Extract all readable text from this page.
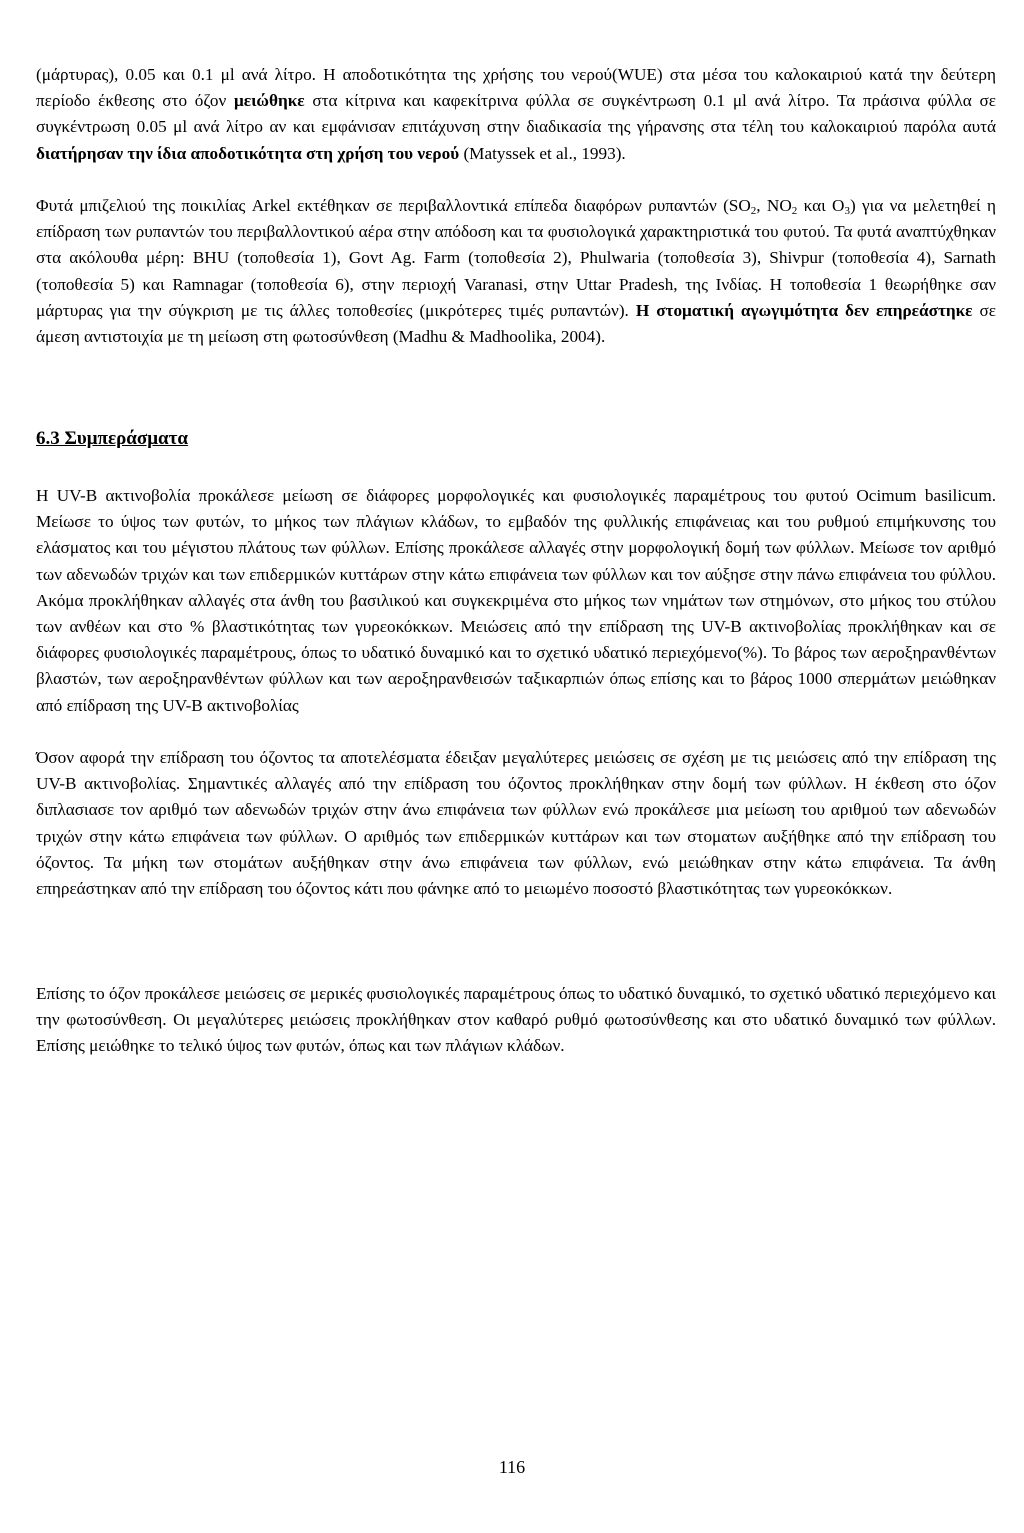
(μάρτυρας), 0.05 και 0.1 μl ανά λίτρο. Η αποδοτικότητα της χρήσης του νερού(WUE) στα μέσα του καλοκαιριού κατά την δεύτερη περίοδο έκθεσης στο όζον μειώθηκε στα κίτρινα και καφεκίτρινα φύλλα σε συγκέντρωση 0.1 μl ανά λίτρο. Τα πράσινα φύλλα σε συγκέντρωση 0.05 μl ανά λίτρο αν και εμφάνισαν επιτάχυνση στην διαδικασία της γήρανσης στα τέλη του καλοκαιριού παρόλα αυτά διατήρησαν την ίδια αποδοτικότητα στη χρήση του νερού (Matyssek et al., 1993).

Φυτά μπιζελιού της ποικιλίας Arkel εκτέθηκαν σε περιβαλλοντικά επίπεδα διαφόρων ρυπαντών ($SO_2$, $NO_2$ και $O_3$) για να μελετηθεί η επίδραση των ρυπαντών του περιβαλλοντικού αέρα στην απόδοση και τα φυσιολογικά χαρακτηριστικά του φυτού. Τα φυτά αναπτύχθηκαν στα ακόλουθα μέρη: BHU (τοποθεσία 1), Govt Ag. Farm (τοποθεσία 2), Phulwaria (τοποθεσία 3), Shivpur (τοποθεσία 4), Sarnath (τοποθεσία 5) και Ramnagar (τοποθεσία 6), στην περιοχή Varanasi, στην Uttar Pradesh, της Ινδίας. Η τοποθεσία 1 θεωρήθηκε σαν μάρτυρας για την σύγκριση με τις άλλες τοποθεσίες (μικρότερες τιμές ρυπαντών). Η στοματική αγωγιμότητα δεν επηρεάστηκε σε άμεση αντιστοιχία με τη μείωση στη φωτοσύνθεση (Madhu & Madhoolika, 2004).

6.3 Συμπεράσματα

Η UV-B ακτινοβολία προκάλεσε μείωση σε διάφορες μορφολογικές και φυσιολογικές παραμέτρους του φυτού Ocimum basilicum. Μείωσε το ύψος των φυτών, το μήκος των πλάγιων κλάδων, το εμβαδόν της φυλλικής επιφάνειας και του ρυθμού επιμήκυνσης του ελάσματος και του μέγιστου πλάτους των φύλλων. Επίσης προκάλεσε αλλαγές στην μορφολογική δομή των φύλλων. Μείωσε τον αριθμό των αδενωδών τριχών και των επιδερμικών κυττάρων στην κάτω επιφάνεια των φύλλων και τον αύξησε στην πάνω επιφάνεια του φύλλου. Ακόμα προκλήθηκαν αλλαγές στα άνθη του βασιλικού και συγκεκριμένα στο μήκος των νημάτων των στημόνων, στο μήκος του στύλου των ανθέων και στο % βλαστικότητας των γυρεοκόκκων. Μειώσεις από την επίδραση της UV-B ακτινοβολίας προκλήθηκαν και σε διάφορες φυσιολογικές παραμέτρους, όπως το υδατικό δυναμικό και το σχετικό υδατικό περιεχόμενο(%). Το βάρος των αεροξηρανθέντων βλαστών, των αεροξηρανθέντων φύλλων και των αεροξηρανθεισών ταξικαρπιών όπως επίσης και το βάρος 1000 σπερμάτων μειώθηκαν από επίδραση της UV-B ακτινοβολίας

Όσον αφορά την επίδραση του όζοντος τα αποτελέσματα έδειξαν μεγαλύτερες μειώσεις σε σχέση με τις μειώσεις από την επίδραση της UV-B ακτινοβολίας. Σημαντικές αλλαγές από την επίδραση του όζοντος προκλήθηκαν στην δομή των φύλλων. Η έκθεση στο όζον διπλασιασε τον αριθμό των αδενωδών τριχών στην άνω επιφάνεια των φύλλων ενώ προκάλεσε μια μείωση του αριθμού των αδενωδών τριχών στην κάτω επιφάνεια των φύλλων. Ο αριθμός των επιδερμικών κυττάρων και των στοματων αυξήθηκε από την επίδραση του όζοντος. Τα μήκη των στομάτων αυξήθηκαν στην άνω επιφάνεια των φύλλων, ενώ μειώθηκαν στην κάτω επιφάνεια. Τα άνθη επηρεάστηκαν από την επίδραση του όζοντος κάτι που φάνηκε από το μειωμένο ποσοστό βλαστικότητας των γυρεοκόκκων.

Επίσης το όζον προκάλεσε μειώσεις σε μερικές φυσιολογικές παραμέτρους όπως το υδατικό δυναμικό, το σχετικό υδατικό περιεχόμενο και την φωτοσύνθεση. Οι μεγαλύτερες μειώσεις προκλήθηκαν στον καθαρό ρυθμό φωτοσύνθεσης και στο υδατικό δυναμικό των φύλλων. Επίσης μειώθηκε το τελικό ύψος των φυτών, όπως και των πλάγιων κλάδων.

116
